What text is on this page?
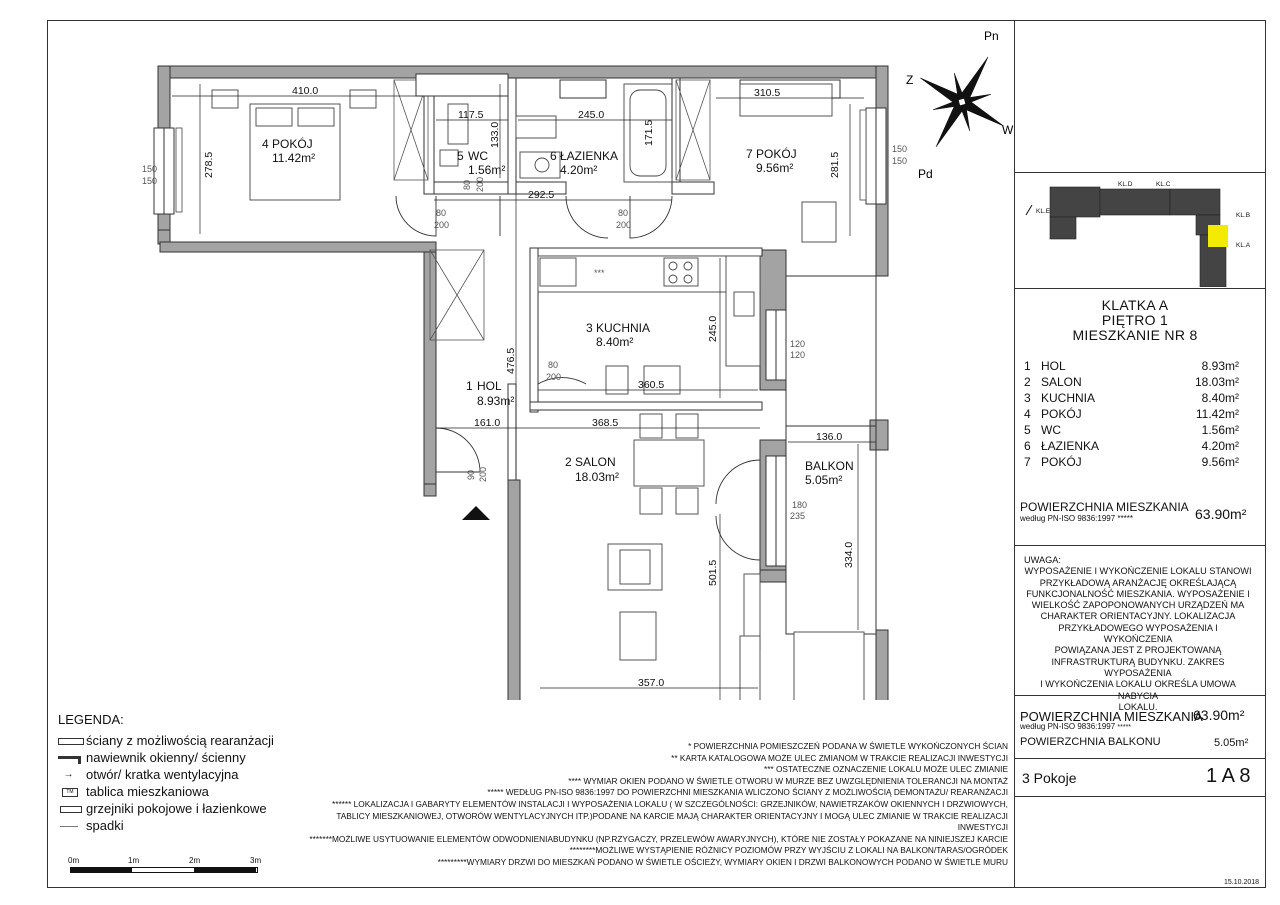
4 POKÓJ
11.42m²	5 WC
1.56m²
6 ŁAZIENKA
4.20m²
7 POKÓJ
9.56m²
3 KUCHNIA
8.40m²
1 HOL
8.93m²
2 SALON
18.03m²
BALKON
5.05m²
410.0
278.5
117.5
133.0
245.0
171.5
310.5
281.5
292.5
476.5
245.0
360.5
161.0	368.5
136.0
334.0
501.5
357.0
150
150
150
150
120
120
80
200
80
200
80 200
80
200
90 200
180
235
***
Pn
Pd
W
Z
KL.D	KL.C
KL.E
KL.B
KL.A
KLATKA A
PIĘTRO 1
MIESZKANIE NR 8
1 HOL	8.93m²
2 SALON	18.03m²
3 KUCHNIA	8.40m²
4 POKÓJ	11.42m²
5 WC	1.56m²
6 ŁAZIENKA	4.20m²
7 POKÓJ	9.56m²
POWIERZCHNIA MIESZKANIA
według PN-ISO 9836:1997 *****	63.90m²
UWAGA:
WYPOSAŻENIE I WYKOŃCZENIE LOKALU STANOWI
PRZYKŁADOWĄ ARANŻACJĘ OKREŚLAJĄCĄ
FUNKCJONALNOŚĆ MIESZKANIA. WYPOSAŻENIE I
WIELKOŚĆ ZAPOPONOWANYCH URZĄDZEŃ MA
CHARAKTER ORIENTACYJNY. LOKALIZACJA
PRZYKŁADOWEGO WYPOSAŻENIA I WYKOŃCZENIA
POWIĄZANA JEST Z PROJEKTOWANĄ
INFRASTRUKTURĄ BUDYNKU. ZAKRES WYPOSAŻENIA
I WYKOŃCZENIA LOKALU OKREŚLA UMOWA NABYCIA
LOKALU.
POWIERZCHNIA MIESZKANIA
63.90m²
według PN-ISO 9836:1997 *****
POWIERZCHNIA BALKONU	5.05m²
3 Pokoje	1 A 8
15.10.2018
LEGENDA:
ściany z możliwością rearanżacji
nawiewnik okienny/ ścienny
→ otwór/ kratka wentylacyjna
TM tablica mieszkaniowa
grzejniki pokojowe i łazienkowe
spadki
0m	1m	2m	3m
* POWIERZCHNIA POMIESZCZEŃ PODANA W ŚWIETLE WYKOŃCZONYCH ŚCIAN
** KARTA KATALOGOWA MOŻE ULEC ZMIANOM W TRAKCIE REALIZACJI INWESTYCJI
*** OSTATECZNE OZNACZENIE LOKALU MOŻE ULEC ZMIANIE
**** WYMIAR OKIEN PODANO W ŚWIETLE OTWORU W MURZE BEZ UWZGLĘDNIENIA TOLERANCJI NA MONTAŻ
***** WEDŁUG PN-ISO 9836:1997 DO POWIERZCHNI MIESZKANIA WLICZONO ŚCIANY Z MOŻLIWOŚCIĄ DEMONTAŻU/ REARANŻACJI
****** LOKALIZACJA I GABARYTY ELEMENTÓW INSTALACJI I WYPOSAŻENIA LOKALU ( W SZCZEGÓLNOŚCI: GRZEJNIKÓW, NAWIETRZAKÓW OKIENNYCH I DRZWIOWYCH,
TABLICY MIESZKANIOWEJ, OTWORÓW WENTYLACYJNYCH ITP.)PODANE NA KARCIE MAJĄ CHARAKTER ORIENTACYJNY I MOGĄ ULEC ZMIANIE W TRAKCIE REALIZACJI INWESTYCJI
*******MOŻLIWE USYTUOWANIE ELEMENTÓW ODWODNIENIABUDYNKU (NP.RZYGACZY, PRZELEWÓW AWARYJNYCH), KTÓRE NIE ZOSTAŁY POKAZANE NA NINIEJSZEJ KARCIE
********MOŻLIWE WYSTĄPIENIE RÓŻNICY POZIOMÓW PRZY WYJŚCIU Z LOKALI NA BALKON/TARAS/OGRÓDEK
*********WYMIARY DRZWI DO MIESZKAŃ PODANO W ŚWIETLE OŚCIEŻY, WYMIARY OKIEN I DRZWI BALKONOWYCH PODANO W ŚWIETLE MURU
